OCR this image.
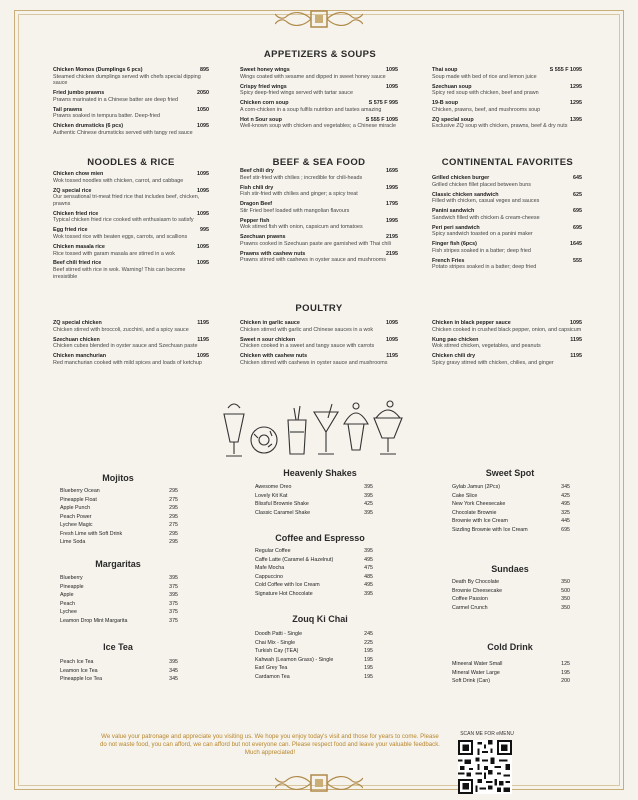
APPETIZERS & SOUPS
Chicken Momos (Dumplings 6 pcs)	895
Steamed chicken dumplings served with chefs special dipping sauce
Fried jumbo prawns	2050
Prawns marinated in a Chinese batter are deep fried
Tail prawns	1050
Prawns soaked in tempura batter. Deep-fried
Chicken drumsticks (6 pcs)	1095
Authentic Chinese drumsticks served with tangy red sauce
Sweet honey wings	1095
Wings coated with sesame and dipped in sweet honey sauce
Crispy fried wings	1095
Spicy deep-fried wings served with tartar sauce
Chicken corn soup	S 575 F 995
A corn-chicken in a soup fulfils nutrition and tastes amazing
Hot n Sour soup	S 555 F 1095
Well-known soup with chicken and vegetables; a Chinese miracle
Thai soup	S 555 F 1095
Soup made with bed of rice and lemon juice
Szechuan soup	1295
Spicy red soup with chicken, beef and prawn
19-B soup	1295
Chicken, prawns, beef, and mushrooms soup
ZQ special soup	1395
Exclusive ZQ soup with chicken, prawns, beef & dry nuts
NOODLES & RICE	BEEF & SEA FOOD	CONTINENTAL FAVORITES
Chicken chow mien	1095
Wok tossed noodles with chicken, carrot, and cabbage
ZQ special rice	1095
Our sensational tri-meat fried rice that includes beef, chicken, prawns
Chicken fried rice	1095
Typical chicken fried rice cooked with enthusiasm to satisfy
Egg fried rice	995
Wok tossed rice with beaten eggs, carrots, and scallions
Chicken masala rice	1095
Rice tossed with garam masala are stirred in a wok
Beef chili fried rice	1095
Beef stirred with rice in wok. Warning! This can become irresistible
Beef chili dry	1695
Beef stir-fried with chilies ; incredible for chili-heads
Fish chili dry	1995
Fish stir-fried with chilies and ginger; a spicy treat
Dragon Beef	1795
Stir Fried beef loaded with mangolian flavours
Pepper fish	1995
Wok stirred fish with onion, capsicum and tomatoes
Szechuan prawns	2195
Prawns cooked in Szechuan paste are garnished with Thai chili
Prawns with cashew nuts	2195
Prawns stirred with cashews in oyster sauce and mushrooms
Grilled chicken burger	645
Grilled chicken fillet placed between buns
Classic chicken sandwich	625
Filled with chicken, casual veges and sauces
Panini sandwich	695
Sandwich filled with chicken & cream-cheese
Peri peri sandwich	695
Spicy sandwich toasted on a panini maker
Finger fish (6pcs)	1645
Fish stripes soaked in a batter; deep fried
French Fries	555
Potato stripes soaked in a batter; deep fried
POULTRY
ZQ special chicken	1195
Chicken stirred with broccoli, zucchini, and a spicy sauce
Szechuan chicken	1195
Chicken cubes blended in oyster sauce and Szechuan paste
Chicken manchurian	1095
Red manchurian cooked with mild spices and loads of ketchup
Chicken in garlic sauce	1095
Chicken stirred with garlic and Chinese sauces in a wok
Sweet n sour chicken	1095
Chicken cooked in a sweet and tangy sauce with carrots
Chicken with cashew nuts	1195
Chicken stirred with cashews in oyster sauce and mushrooms
Chicken in black pepper sauce	1095
Chicken cooked in crushed black pepper, onion, and capsicum
Kung pao chicken	1195
Wok stirred chicken, vegetables, and peanuts
Chicken chili dry	1195
Spicy gravy stirred with chicken, chilies, and ginger
Mojitos
Blueberry Ocean	295
Pineapple Float	275
Apple Punch	295
Peach Power	295
Lychee Magic	275
Fresh Lime with Soft Drink	295
Lime Soda	295
Margaritas
Blueberry	395
Pineapple	375
Apple	395
Peach	375
Lychee	375
Leamon Drop Mint Margarita	375
Ice Tea
Peach Ice Tea	395
Leamon Ice Tea	345
Pineapple Ice Tea	345
Heavenly Shakes
Awesome Oreo	395
Lovely Kit Kat	395
Blissful Brownie Shake	425
Classic Caramel Shake	395
Coffee and Espresso
Regular Coffee	395
Caffe Latte (Caramel & Hazelnut)	495
Mafe Mocha	475
Cappuccino	485
Cold Coffee with Ice Cream	495
Signature Hot Chocolate	395
Zouq Ki Chai
Doodh Patti - Single	245
Chai Mix - Single	225
Turkish Cay (TEA)	195
Kahwah (Leamon Grass) - Single	195
Earl Grey Tea	195
Cardamon Tea	195
Sweet Spot
Gylab Jamun (2Pcs)	345
Cake Slice	425
New York Cheesecake	495
Chocolate Brownie	325
Brownie with Ice Cream	445
Sizzling Brownie with Ice Cream	695
Sundaes
Death By Chocolate	350
Brownie Cheesecake	500
Coffee Passion	350
Carmel Crunch	350
Cold Drink
Mineeral Water Small	125
Mineral Water Large	195
Soft Drink (Can)	200
We value your patronage and appreciate you visiting us. We hope you enjoy today's visit and those for years to come. Please do not waste food, you can afford, we can afford but not everyone can. Please respect food and leave your valuable feedback. Much appreciated!
SCAN ME FOR eMENU
